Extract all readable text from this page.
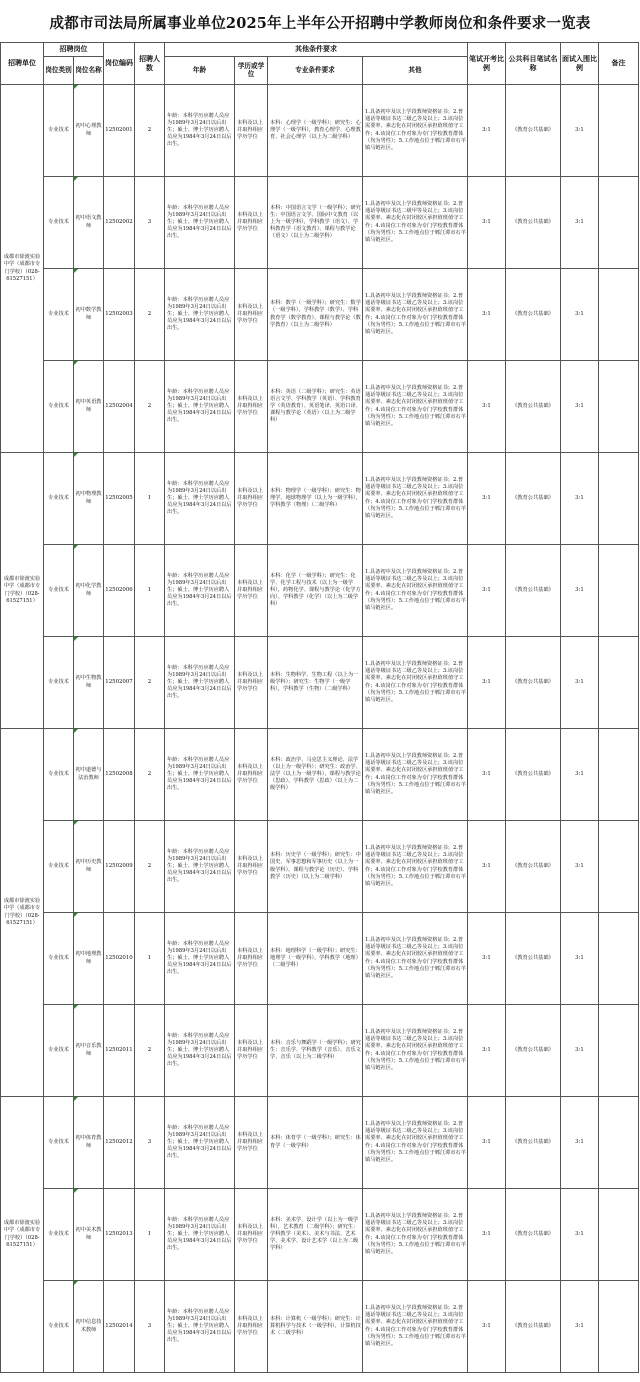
成都市司法局所属事业单位2025年上半年公开招聘中学教师岗位和条件要求一览表
招聘单位	招聘岗位		岗位编码	招聘人数	其他条件要求				笔试开考比例	公共科目笔试名称	面试入围比例	备注
	岗位类别	岗位名称			年龄	学历或学位	专业条件要求	其他				
成都市徐渡实验中学（成都市专门学校）（028-61527151）	专业技术	初中心理教师	12502001	2	年龄：本科学历应聘人员应为1989年3月24日以后出生；硕士、博士学历应聘人员应为1984年3月24日以后出生。	本科及以上并取得相应学历学位	本科：心理学（一级学科）；研究生：心理学（一级学科），教育心理学、心理教育、社会心理学（以上为二级学科）	1.具备初中及以上学段教师资格证书；2.普通话等级证书达二级乙等及以上；3.该岗位需要率、素志化在封闭校区承担值班值守工作；4.该岗位工作对象为专门学校教育群体（均为男性）；5.工作地点位于郫江谭市石羊镇马链社区。	3:1	《教育公共基础》	3:1	
	专业技术	初中语文教师	12502002	3	年龄：本科学历应聘人员应为1989年3月24日以后出生；硕士、博士学历应聘人员应为1984年3月24日以后出生。	本科及以上并取得相应学历学位	本科：中国语言文学（一级学科）；研究生：中国语言文学、国际中文教育（以上为一级学科），学科教学（语文）、学科教育学（语文教育）、课程与教学论（语文）（以上为二级学科）	1.具备初中及以上学段教师资格证书；2.普通话等级证书达二级甲等及以上；3.该岗位需要率、素志化在封闭校区承担值班值守工作；4.该岗位工作对象为专门学校教育群体（均为男性）；5.工作地点位于郫江谭市石羊镇马链社区。	3:1	《教育公共基础》	3:1	
	专业技术	初中数学教师	12502003	2	年龄：本科学历应聘人员应为1989年3月24日以后出生；硕士、博士学历应聘人员应为1984年3月24日以后出生。	本科及以上并取得相应学历学位	本科：数学（一级学科）；研究生：数学（一级学科），学科教学（数学）、学科教育学（数学教育）、课程与教学论（数学教育）（以上为二级学科）	1.具备初中及以上学段教师资格证书；2.普通话等级证书达二级乙等及以上；3.该岗位需要率、素志化在封闭校区承担值班值守工作；4.该岗位工作对象为专门学校教育群体（均为男性）；5.工作地点位于郫江谭市石羊镇马链社区。	3:1	《教育公共基础》	3:1	
	专业技术	初中英语教师	12502004	2	年龄：本科学历应聘人员应为1989年3月24日以后出生；硕士、博士学历应聘人员应为1984年3月24日以后出生。	本科及以上并取得相应学历学位	本科：英语（二级学科）；研究生：英语语言文学、学科教学（英语）、学科教育学（英语教育）、英语笔译、英语口译、课程与教学论（英语）（以上为二级学科）	1.具备初中及以上学段教师资格证书；2.普通话等级证书达二级乙等及以上；3.该岗位需要率、素志化在封闭校区承担值班值守工作；4.该岗位工作对象为专门学校教育群体（均为男性）；5.工作地点位于郫江谭市石羊镇马链社区。	3:1	《教育公共基础》	3:1	
成都市徐渡实验中学（成都市专门学校）（028-61527151）	专业技术	初中物理教师	12502005	1	年龄：本科学历应聘人员应为1989年3月24日以后出生；硕士、博士学历应聘人员应为1984年3月24日以后出生。	本科及以上并取得相应学历学位	本科：物理学（一级学科）；研究生：物理学、地球物理学（以上为一级学科），学科教学（物理）（二级学科）	1.具备初中及以上学段教师资格证书；2.普通话等级证书达二级乙等及以上；3.该岗位需要率、素志化在封闭校区承担值班值守工作；4.该岗位工作对象为专门学校教育群体（均为男性）；5.工作地点位于郫江谭市石羊镇马链社区。	3:1	《教育公共基础》	3:1	
	专业技术	初中化学教师	12502006	1	年龄：本科学历应聘人员应为1989年3月24日以后出生；硕士、博士学历应聘人员应为1984年3月24日以后出生。	本科及以上并取得相应学历学位	本科：化学（一级学科）；研究生：化学、化学工程与技术（以上为一级学科），药物化学、课程与教学论（化学方向）、学科教学（化学）（以上为二级学科）	1.具备初中及以上学段教师资格证书；2.普通话等级证书达二级乙等及以上；3.该岗位需要率、素志化在封闭校区承担值班值守工作；4.该岗位工作对象为专门学校教育群体（均为男性）；5.工作地点位于郫江谭市石羊镇马链社区。	3:1	《教育公共基础》	3:1	
	专业技术	初中生物教师	12502007	2	年龄：本科学历应聘人员应为1989年3月24日以后出生；硕士、博士学历应聘人员应为1984年3月24日以后出生。	本科及以上并取得相应学历学位	本科：生物科学、生物工程（以上为一级学科）；研究生：生物学（一级学科），学科教学（生物）（二级学科）	1.具备初中及以上学段教师资格证书；2.普通话等级证书达二级乙等及以上；3.该岗位需要率、素志化在封闭校区承担值班值守工作；4.该岗位工作对象为专门学校教育群体（均为男性）；5.工作地点位于郫江谭市石羊镇马链社区。	3:1	《教育公共基础》	3:1	
成都市徐渡实验中学（成都市专门学校）（028-61527151）	专业技术	初中道德与法治教师	12502008	2	年龄：本科学历应聘人员应为1989年3月24日以后出生；硕士、博士学历应聘人员应为1984年3月24日以后出生。	本科及以上并取得相应学历学位	本科：政治学、马克思主义理论、法学（以上为一级学科）；研究生：政治学、法学（以上为一级学科），课程与教学论（思政）、学科教学（思政）（以上为二级学科）	1.具备初中及以上学段教师资格证书；2.普通话等级证书达二级乙等及以上；3.该岗位需要率、素志化在封闭校区承担值班值守工作；4.该岗位工作对象为专门学校教育群体（均为男性）；5.工作地点位于郫江谭市石羊镇马链社区。	3:1	《教育公共基础》	3:1	
	专业技术	初中历史教师	12502009	2	年龄：本科学历应聘人员应为1989年3月24日以后出生；硕士、博士学历应聘人员应为1984年3月24日以后出生。	本科及以上并取得相应学历学位	本科：历史学（一级学科）；研究生：中国史、军事思想和军事历史（以上为一级学科），课程与教学论（历史）、学科教学（历史）（以上为二级学科）	1.具备初中及以上学段教师资格证书；2.普通话等级证书达二级乙等及以上；3.该岗位需要率、素志化在封闭校区承担值班值守工作；4.该岗位工作对象为专门学校教育群体（均为男性）；5.工作地点位于郫江谭市石羊镇马链社区。	3:1	《教育公共基础》	3:1	
	专业技术	初中地理教师	12502010	1	年龄：本科学历应聘人员应为1989年3月24日以后出生；硕士、博士学历应聘人员应为1984年3月24日以后出生。	本科及以上并取得相应学历学位	本科：地理科学（一级学科）；研究生：地理学（一级学科），学科教学（地理）（二级学科）	1.具备初中及以上学段教师资格证书；2.普通话等级证书达二级乙等及以上；3.该岗位需要率、素志化在封闭校区承担值班值守工作；4.该岗位工作对象为专门学校教育群体（均为男性）；5.工作地点位于郫江谭市石羊镇马链社区。	3:1	《教育公共基础》	3:1	
	专业技术	初中音乐教师	12502011	2	年龄：本科学历应聘人员应为1989年3月24日以后出生；硕士、博士学历应聘人员应为1984年3月24日以后出生。	本科及以上并取得相应学历学位	本科：音乐与舞蹈学（一级学科）；研究生：音乐学、学科教学（音乐）、音乐文学、音乐（以上为二级学科）	1.具备初中及以上学段教师资格证书；2.普通话等级证书达二级乙等及以上；3.该岗位需要率、素志化在封闭校区承担值班值守工作；4.该岗位工作对象为专门学校教育群体（均为男性）；5.工作地点位于郫江谭市石羊镇马链社区。	3:1	《教育公共基础》	3:1	
成都市徐渡实验中学（成都市专门学校）（028-61527151）	专业技术	初中体育教师	12502012	3	年龄：本科学历应聘人员应为1989年3月24日以后出生；硕士、博士学历应聘人员应为1984年3月24日以后出生。	本科及以上并取得相应学历学位	本科：体育学（一级学科）；研究生：体育学（一级学科）	1.具备初中及以上学段教师资格证书；2.普通话等级证书达二级乙等及以上；3.该岗位需要率、素志化在封闭校区承担值班值守工作；4.该岗位工作对象为专门学校教育群体（均为男性）；5.工作地点位于郫江谭市石羊镇马链社区。	3:1	《教育公共基础》	3:1	
	专业技术	初中美术教师	12502013	1	年龄：本科学历应聘人员应为1989年3月24日以后出生；硕士、博士学历应聘人员应为1984年3月24日以后出生。	本科及以上并取得相应学历学位	本科：美术学、设计学（以上为一级学科），艺术教育（二级学科）；研究生：学科教学（美术）、美术与书法、艺术学、美术学、设计艺术学（以上为二级学科）	1.具备初中及以上学段教师资格证书；2.普通话等级证书达二级乙等及以上；3.该岗位需要率、素志化在封闭校区承担值班值守工作；4.该岗位工作对象为专门学校教育群体（均为男性）；5.工作地点位于郫江谭市石羊镇马链社区。	3:1	《教育公共基础》	3:1	
	专业技术	初中信息技术教师	12502014	3	年龄：本科学历应聘人员应为1989年3月24日以后出生；硕士、博士学历应聘人员应为1984年3月24日以后出生。	本科及以上并取得相应学历学位	本科：计算机（一级学科）；研究生：计算机科学与技术（一级学科），计算机技术（二级学科）	1.具备初中及以上学段教师资格证书；2.普通话等级证书达二级乙等及以上；3.该岗位需要率、素志化在封闭校区承担值班值守工作；4.该岗位工作对象为专门学校教育群体（均为男性）；5.工作地点位于郫江谭市石羊镇马链社区。	3:1	《教育公共基础》	3:1	
